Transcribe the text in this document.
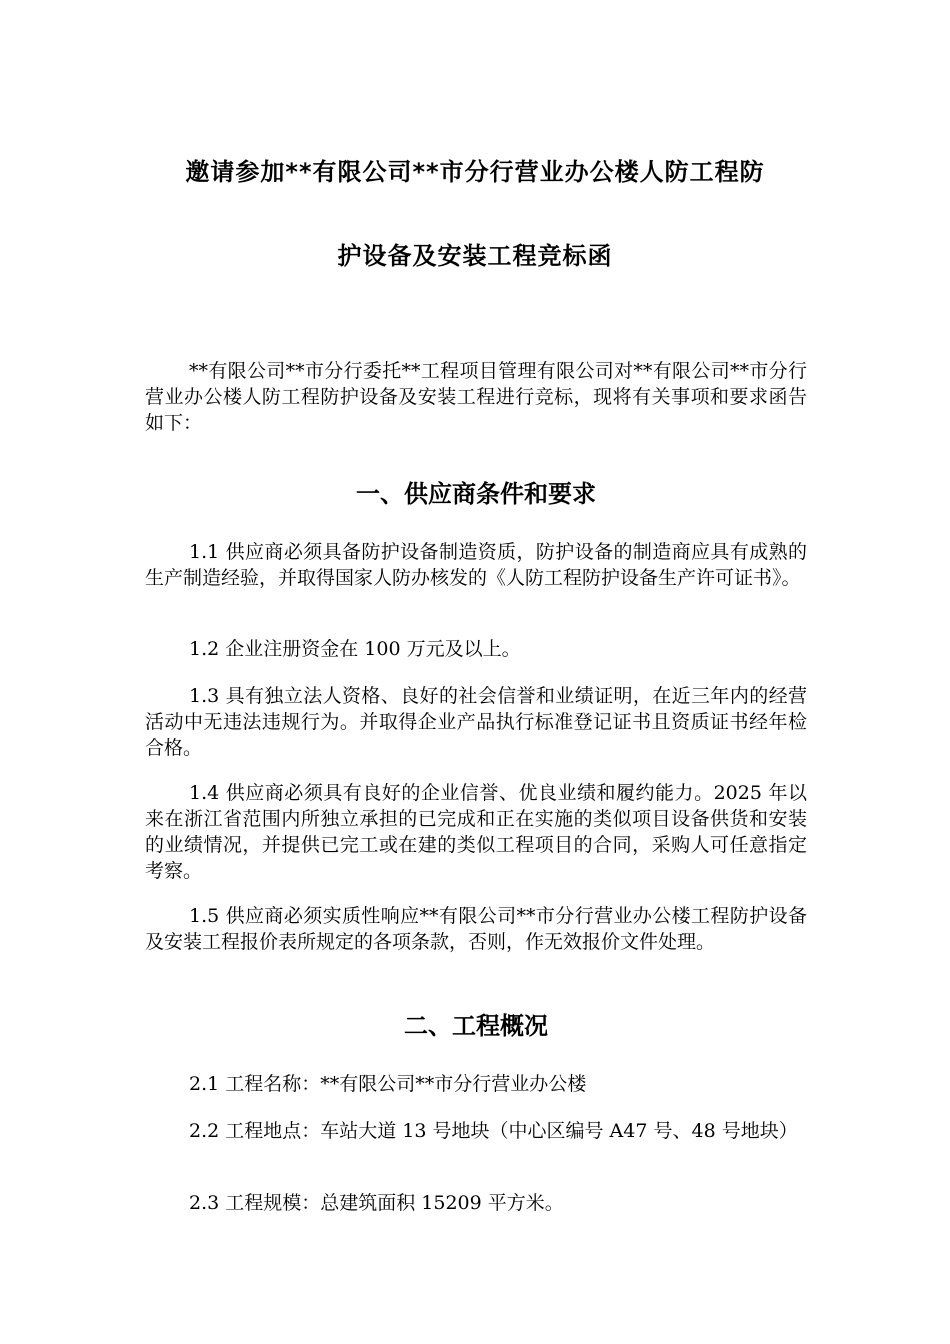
邀请参加**有限公司**市分行营业办公楼人防工程防
护设备及安装工程竞标函

**有限公司**市分行委托**工程项目管理有限公司对**有限公司**市分行营业办公楼人防工程防护设备及安装工程进行竞标，现将有关事项和要求函告如下：

一、供应商条件和要求

1.1 供应商必须具备防护设备制造资质，防护设备的制造商应具有成熟的生产制造经验，并取得国家人防办核发的《人防工程防护设备生产许可证书》。

1.2 企业注册资金在 100 万元及以上。

1.3 具有独立法人资格、良好的社会信誉和业绩证明，在近三年内的经营活动中无违法违规行为。并取得企业产品执行标准登记证书且资质证书经年检合格。

1.4 供应商必须具有良好的企业信誉、优良业绩和履约能力。2025 年以来在浙江省范围内所独立承担的已完成和正在实施的类似项目设备供货和安装的业绩情况，并提供已完工或在建的类似工程项目的合同，采购人可任意指定考察。

1.5 供应商必须实质性响应**有限公司**市分行营业办公楼工程防护设备及安装工程报价表所规定的各项条款，否则，作无效报价文件处理。

二、工程概况

2.1 工程名称：**有限公司**市分行营业办公楼

2.2 工程地点：车站大道 13 号地块（中心区编号 A47 号、48 号地块）

2.3 工程规模：总建筑面积 15209 平方米。
